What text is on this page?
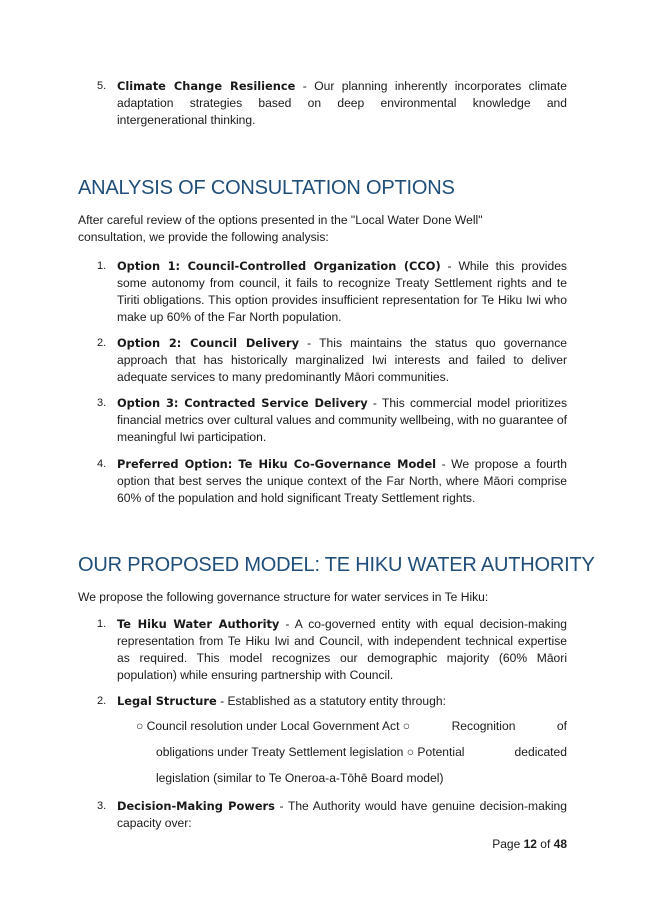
5. Climate Change Resilience - Our planning inherently incorporates climate adaptation strategies based on deep environmental knowledge and intergenerational thinking.
ANALYSIS OF CONSULTATION OPTIONS
After careful review of the options presented in the "Local Water Done Well" consultation, we provide the following analysis:
1. Option 1: Council-Controlled Organization (CCO) - While this provides some autonomy from council, it fails to recognize Treaty Settlement rights and te Tiriti obligations. This option provides insufficient representation for Te Hiku Iwi who make up 60% of the Far North population.
2. Option 2: Council Delivery - This maintains the status quo governance approach that has historically marginalized Iwi interests and failed to deliver adequate services to many predominantly Māori communities.
3. Option 3: Contracted Service Delivery - This commercial model prioritizes financial metrics over cultural values and community wellbeing, with no guarantee of meaningful Iwi participation.
4. Preferred Option: Te Hiku Co-Governance Model - We propose a fourth option that best serves the unique context of the Far North, where Māori comprise 60% of the population and hold significant Treaty Settlement rights.
OUR PROPOSED MODEL: TE HIKU WATER AUTHORITY
We propose the following governance structure for water services in Te Hiku:
1. Te Hiku Water Authority - A co-governed entity with equal decision-making representation from Te Hiku Iwi and Council, with independent technical expertise as required. This model recognizes our demographic majority (60% Māori population) while ensuring partnership with Council.
2. Legal Structure - Established as a statutory entity through:
○ Council resolution under Local Government Act ○	Recognition	of
obligations under Treaty Settlement legislation ○ Potential	dedicated
legislation (similar to Te Oneroa-a-Tōhē Board model)
3. Decision-Making Powers - The Authority would have genuine decision-making capacity over:
Page 12 of 48
